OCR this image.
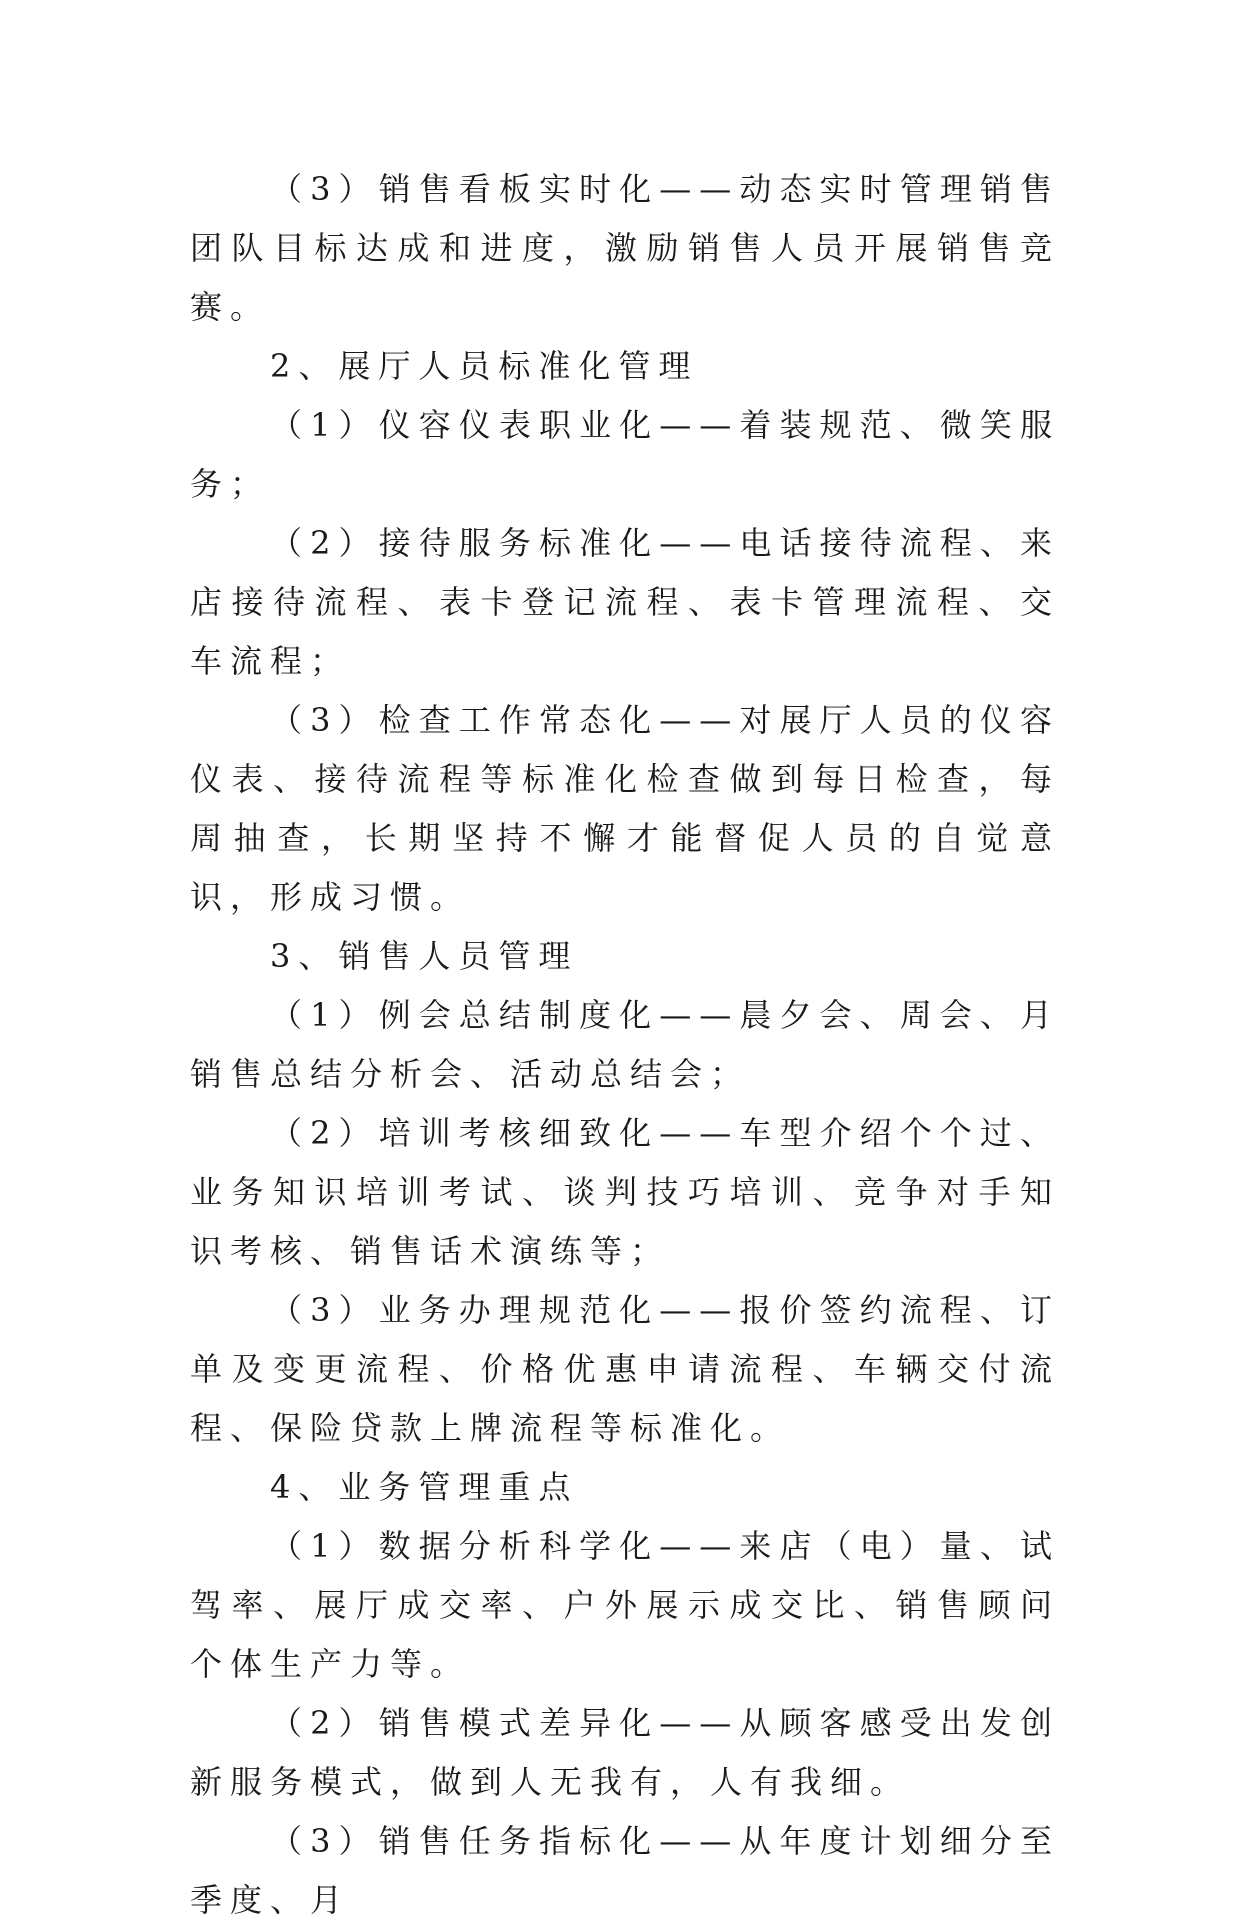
（3）销售看板实时化——动态实时管理销售团队目标达成和进度，激励销售人员开展销售竞赛。

2、展厅人员标准化管理

（1）仪容仪表职业化——着装规范、微笑服务；

（2）接待服务标准化——电话接待流程、来店接待流程、表卡登记流程、表卡管理流程、交车流程；

（3）检查工作常态化——对展厅人员的仪容仪表、接待流程等标准化检查做到每日检查，每周抽查，长期坚持不懈才能督促人员的自觉意识，形成习惯。

3、销售人员管理

（1）例会总结制度化——晨夕会、周会、月销售总结分析会、活动总结会；

（2）培训考核细致化——车型介绍个个过、业务知识培训考试、谈判技巧培训、竞争对手知识考核、销售话术演练等；

（3）业务办理规范化——报价签约流程、订单及变更流程、价格优惠申请流程、车辆交付流程、保险贷款上牌流程等标准化。

4、业务管理重点

（1）数据分析科学化——来店（电）量、试驾率、展厅成交率、户外展示成交比、销售顾问个体生产力等。

（2）销售模式差异化——从顾客感受出发创新服务模式，做到人无我有，人有我细。

（3）销售任务指标化——从年度计划细分至季度、月
